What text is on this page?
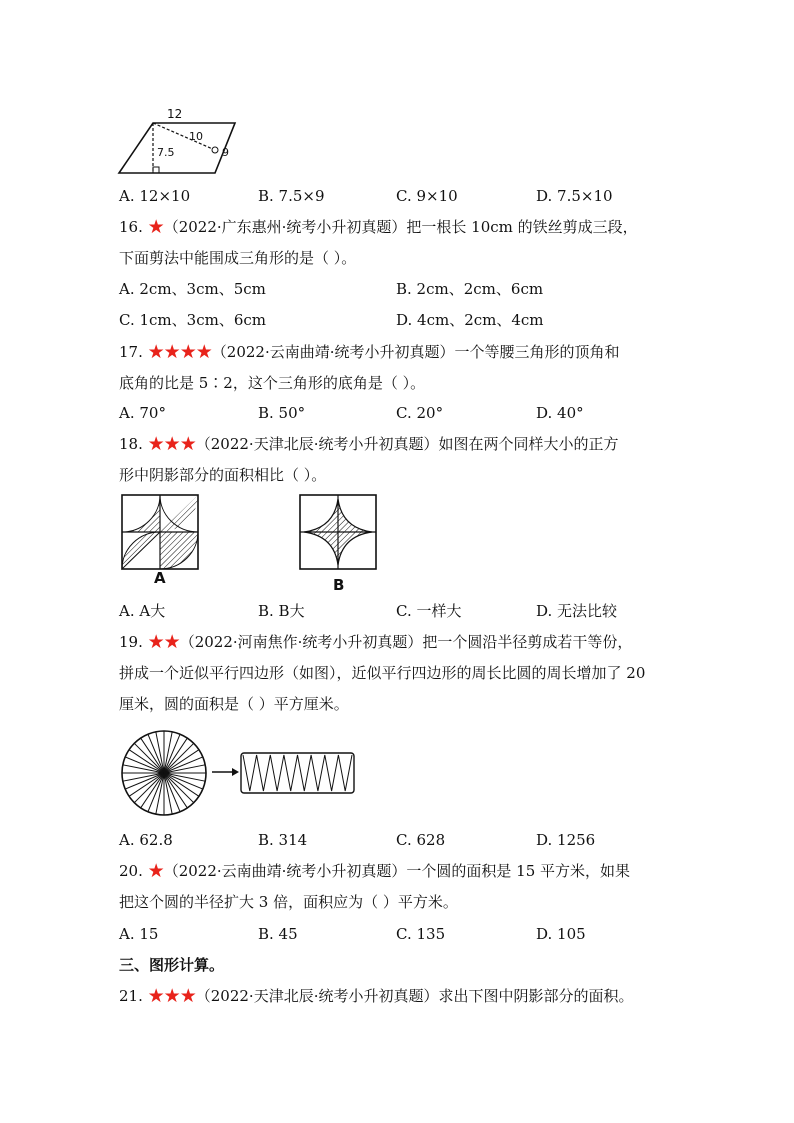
12
10
7.5	9
A. 12×10	B. 7.5×9	C. 9×10	D. 7.5×10
16. ★（2022·广东惠州·统考小升初真题）把一根长 10cm 的铁丝剪成三段，
下面剪法中能围成三角形的是（ ）。
A. 2cm、3cm、5cm	B. 2cm、2cm、6cm
C. 1cm、3cm、6cm	D. 4cm、2cm、4cm
17. ★★★★（2022·云南曲靖·统考小升初真题）一个等腰三角形的顶角和
底角的比是 5∶2，这个三角形的底角是（ ）。
A. 70°	B. 50°	C. 20°	D. 40°
18. ★★★（2022·天津北辰·统考小升初真题）如图在两个同样大小的正方
形中阴影部分的面积相比（ ）。
A	B
A. A大	B. B大	C. 一样大	D. 无法比较
19. ★★（2022·河南焦作·统考小升初真题）把一个圆沿半径剪成若干等份，
拼成一个近似平行四边形（如图），近似平行四边形的周长比圆的周长增加了 20
厘米，圆的面积是（ ）平方厘米。
A. 62.8	B. 314	C. 628	D. 1256
20. ★（2022·云南曲靖·统考小升初真题）一个圆的面积是 15 平方米，如果
把这个圆的半径扩大 3 倍，面积应为（ ）平方米。
A. 15	B. 45	C. 135	D. 105
三、图形计算。
21. ★★★（2022·天津北辰·统考小升初真题）求出下图中阴影部分的面积。
